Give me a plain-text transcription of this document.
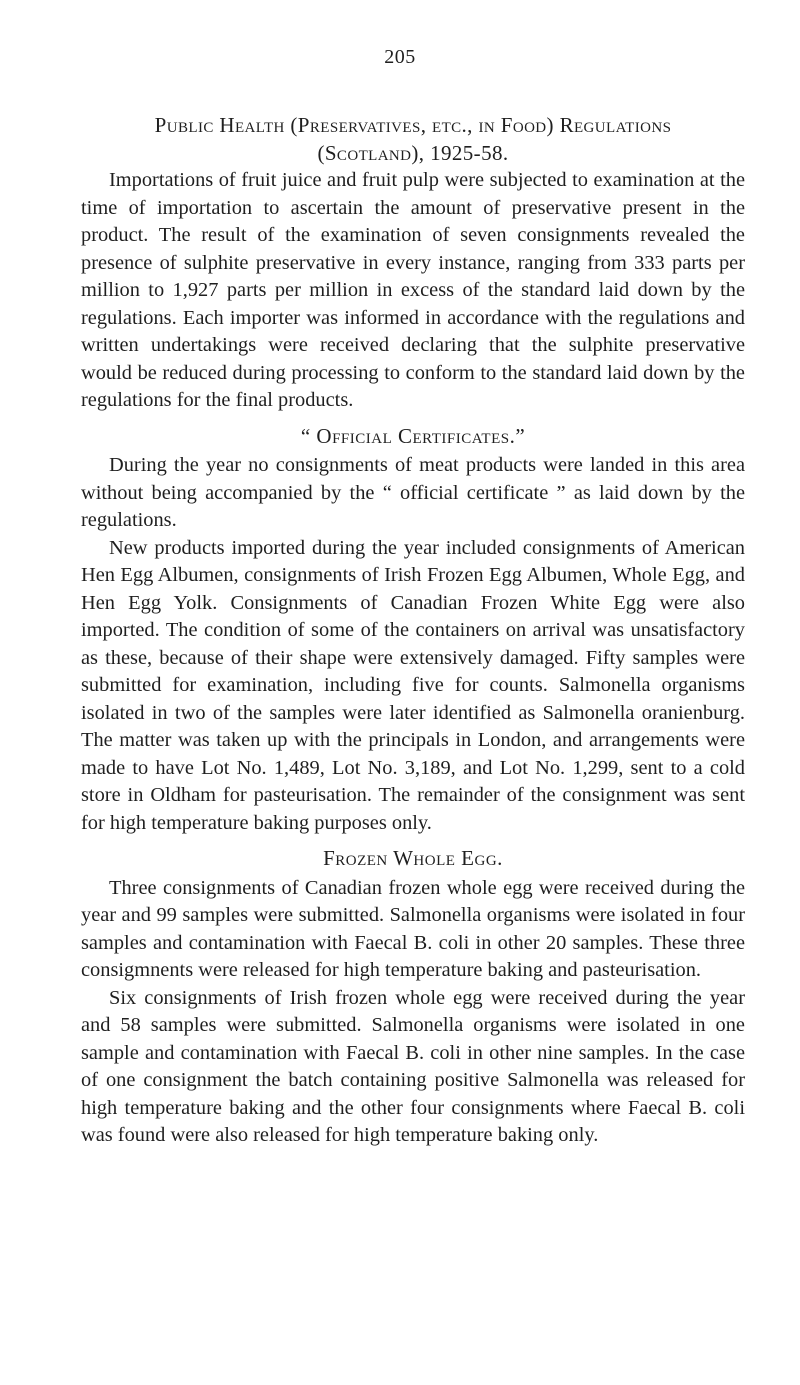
205
Public Health (Preservatives, etc., in Food) Regulations
(Scotland), 1925-58.

Importations of fruit juice and fruit pulp were subjected to examination at the time of importation to ascertain the amount of preservative present in the product. The result of the examination of seven consignments revealed the presence of sulphite preservative in every instance, ranging from 333 parts per million to 1,927 parts per million in excess of the standard laid down by the regulations. Each importer was informed in accordance with the regulations and written undertakings were received declaring that the sulphite preservative would be reduced during processing to conform to the standard laid down by the regulations for the final products.

“ Official Certificates.”

During the year no consignments of meat products were landed in this area without being accompanied by the “ official certificate ” as laid down by the regulations.

New products imported during the year included consignments of American Hen Egg Albumen, consignments of Irish Frozen Egg Albumen, Whole Egg, and Hen Egg Yolk. Consignments of Canadian Frozen White Egg were also imported. The condition of some of the containers on arrival was unsatisfactory as these, because of their shape were extensively damaged. Fifty samples were submitted for examination, including five for counts. Salmonella organisms isolated in two of the samples were later identified as Salmonella oranienburg. The matter was taken up with the principals in London, and arrangements were made to have Lot No. 1,489, Lot No. 3,189, and Lot No. 1,299, sent to a cold store in Oldham for pasteurisation. The remainder of the consignment was sent for high temperature baking purposes only.

Frozen Whole Egg.

Three consignments of Canadian frozen whole egg were received during the year and 99 samples were submitted. Salmonella organisms were isolated in four samples and contamination with Faecal B. coli in other 20 samples. These three consigmnents were released for high temperature baking and pasteurisation.

Six consignments of Irish frozen whole egg were received during the year and 58 samples were submitted. Salmonella organisms were isolated in one sample and contamination with Faecal B. coli in other nine samples. In the case of one consignment the batch containing positive Salmonella was released for high temperature baking and the other four consignments where Faecal B. coli was found were also released for high temperature baking only.
